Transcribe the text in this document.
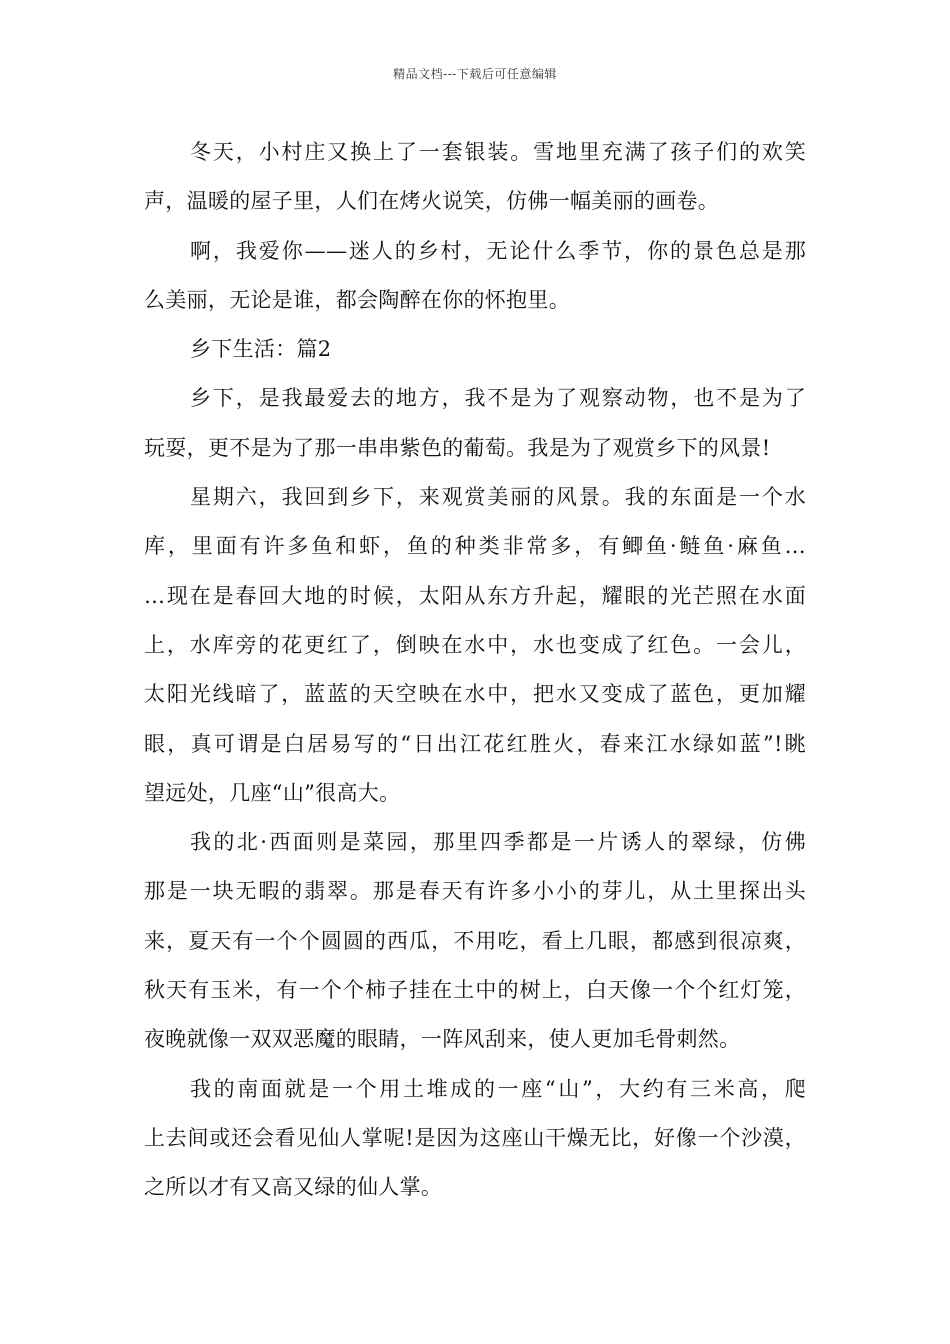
精品文档---下载后可任意编辑

冬天，小村庄又换上了一套银装。雪地里充满了孩子们的欢笑
声，温暖的屋子里，人们在烤火说笑，仿佛一幅美丽的画卷。

啊，我爱你——迷人的乡村，无论什么季节，你的景色总是那
么美丽，无论是谁，都会陶醉在你的怀抱里。

乡下生活：篇2

乡下，是我最爱去的地方，我不是为了观察动物，也不是为了
玩耍，更不是为了那一串串紫色的葡萄。我是为了观赏乡下的风景!

星期六，我回到乡下，来观赏美丽的风景。我的东面是一个水
库，里面有许多鱼和虾，鱼的种类非常多，有鲫鱼·鲢鱼·麻鱼…
…现在是春回大地的时候，太阳从东方升起，耀眼的光芒照在水面
上，水库旁的花更红了，倒映在水中，水也变成了红色。一会儿，
太阳光线暗了，蓝蓝的天空映在水中，把水又变成了蓝色，更加耀
眼，真可谓是白居易写的“日出江花红胜火，春来江水绿如蓝”!眺
望远处，几座“山”很高大。

我的北·西面则是菜园，那里四季都是一片诱人的翠绿，仿佛
那是一块无暇的翡翠。那是春天有许多小小的芽儿，从土里探出头
来，夏天有一个个圆圆的西瓜，不用吃，看上几眼，都感到很凉爽，
秋天有玉米，有一个个柿子挂在土中的树上，白天像一个个红灯笼，
夜晚就像一双双恶魔的眼睛，一阵风刮来，使人更加毛骨刺然。

我的南面就是一个用土堆成的一座“山”，大约有三米高，爬
上去间或还会看见仙人掌呢!是因为这座山干燥无比，好像一个沙漠，
之所以才有又高又绿的仙人掌。
